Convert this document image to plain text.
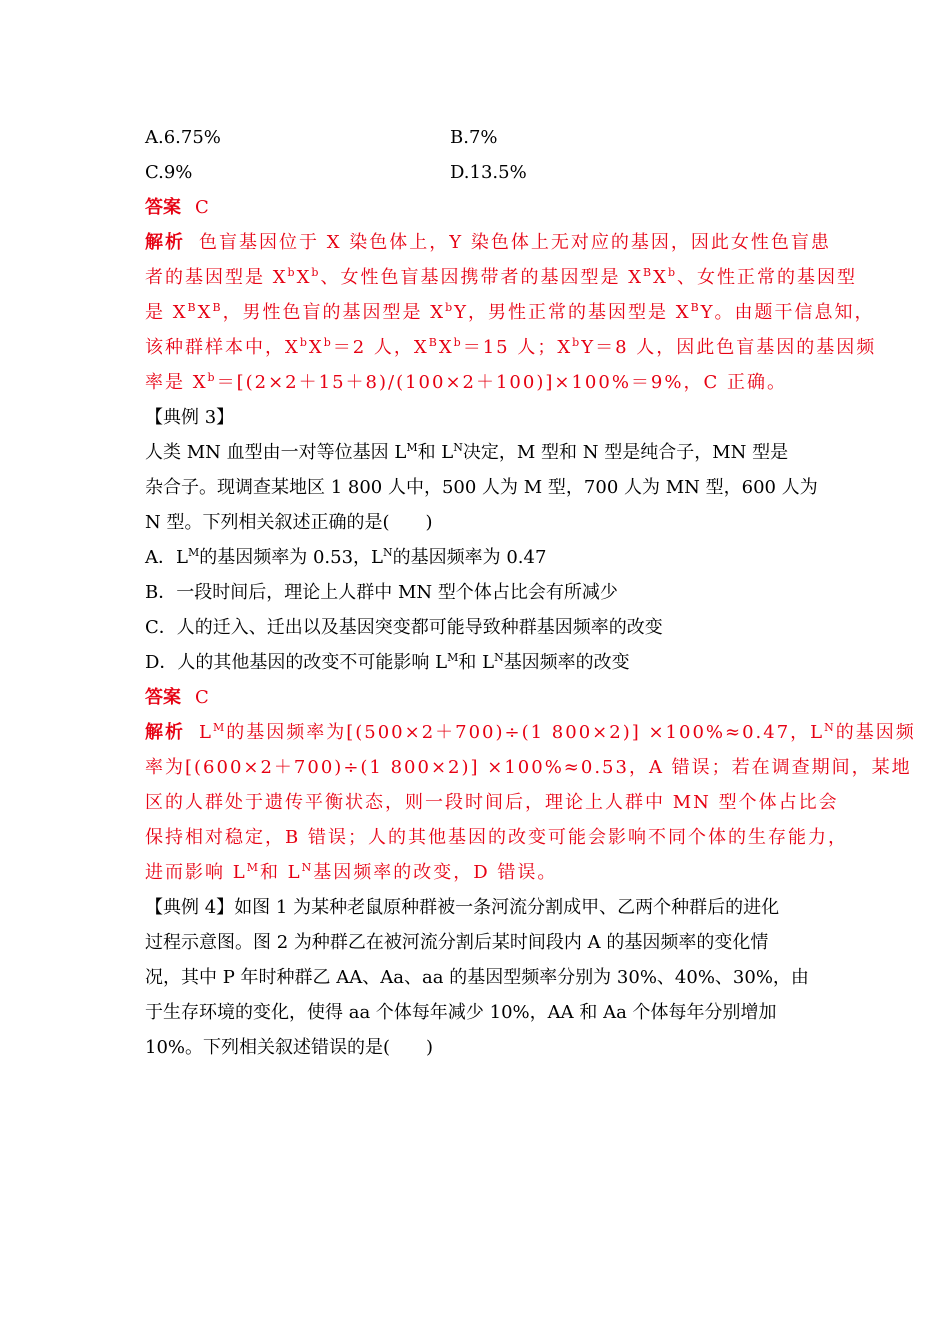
A.6.75%	B.7%
C.9%	D.13.5%
答案 C
解析 色盲基因位于 X 染色体上，Y 染色体上无对应的基因，因此女性色盲患
者的基因型是 $X^bX^b$、女性色盲基因携带者的基因型是 $X^BX^b$、女性正常的基因型
是 $X^BX^B$，男性色盲的基因型是 $X^bY$，男性正常的基因型是 $X^BY$。由题干信息知，
该种群样本中，$X^bX^b=2$ 人，$X^BX^b=15$ 人；$X^bY=8$ 人，因此色盲基因的基因频
率是 $X^b=[(2\times 2+15+8)/(100\times 2+100)]\times 100\%=9\%$，C 正确。
【典例 3】
人类 MN 血型由一对等位基因 $L^M$和 $L^N$决定，M 型和 N 型是纯合子，MN 型是
杂合子。现调查某地区 1 800 人中，500 人为 M 型，700 人为 MN 型，600 人为
N 型。下列相关叙述正确的是(　　)
A．$L^M$的基因频率为 0.53，$L^N$的基因频率为 0.47
B．一段时间后，理论上人群中 MN 型个体占比会有所减少
C．人的迁入、迁出以及基因突变都可能导致种群基因频率的改变
D．人的其他基因的改变不可能影响 $L^M$和 $L^N$基因频率的改变
答案 C
解析 $L^M$的基因频率为[(500×2＋700)÷(1 800×2)] ×100%≈0.47，$L^N$的基因频
率为[(600×2＋700)÷(1 800×2)] ×100%≈0.53，A 错误；若在调查期间，某地
区的人群处于遗传平衡状态，则一段时间后，理论上人群中 MN 型个体占比会
保持相对稳定，B 错误；人的其他基因的改变可能会影响不同个体的生存能力，
进而影响 $L^M$和 $L^N$基因频率的改变，D 错误。
【典例 4】如图 1 为某种老鼠原种群被一条河流分割成甲、乙两个种群后的进化
过程示意图。图 2 为种群乙在被河流分割后某时间段内 A 的基因频率的变化情
况，其中 P 年时种群乙 AA、Aa、aa 的基因型频率分别为 30%、40%、30%，由
于生存环境的变化，使得 aa 个体每年减少 10%，AA 和 Aa 个体每年分别增加
10%。下列相关叙述错误的是(　　)
